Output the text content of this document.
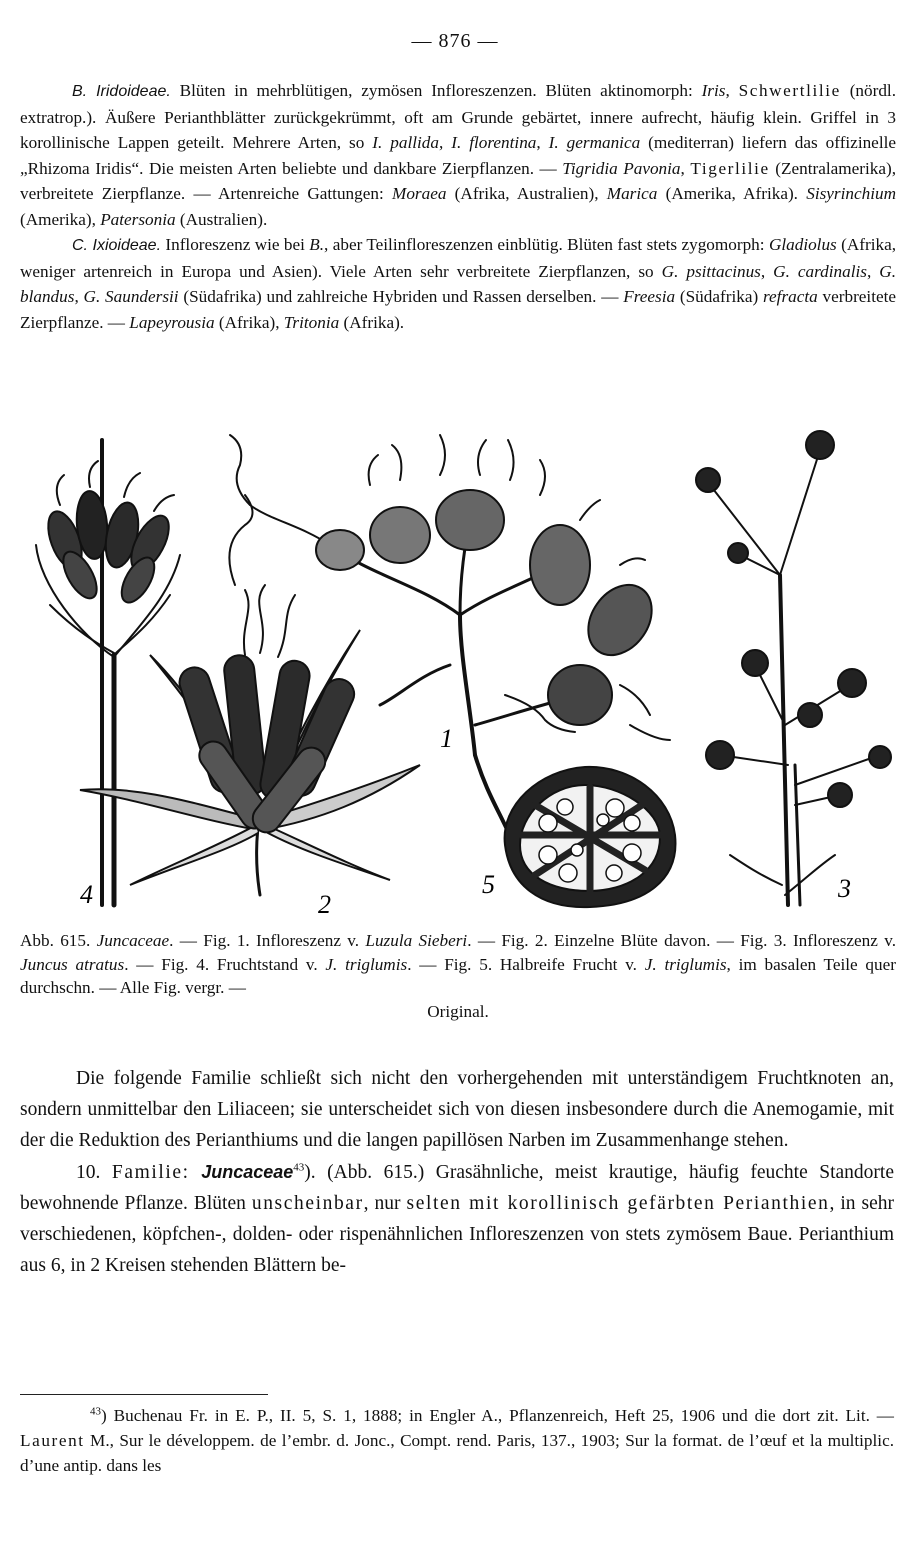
— 876 —

B. Iridoideae. Blüten in mehrblütigen, zymösen Infloreszenzen. Blüten aktinomorph: Iris, Schwertlilie (nördl. extratrop.). Äußere Perianthblätter zurückgekrümmt, oft am Grunde gebärtet, innere aufrecht, häufig klein. Griffel in 3 korollinische Lappen geteilt. Mehrere Arten, so I. pallida, I. florentina, I. germanica (mediterran) liefern das offizinelle „Rhizoma Iridis“. Die meisten Arten beliebte und dankbare Zierpflanzen. — Tigridia Pavonia, Tigerlilie (Zentralamerika), verbreitete Zierpflanze. — Artenreiche Gattungen: Moraea (Afrika, Australien), Marica (Amerika, Afrika). Sisyrinchium (Amerika), Patersonia (Australien).

C. Ixioideae. Infloreszenz wie bei B., aber Teilinfloreszenzen einblütig. Blüten fast stets zygomorph: Gladiolus (Afrika, weniger artenreich in Europa und Asien). Viele Arten sehr verbreitete Zierpflanzen, so G. psittacinus, G. cardinalis, G. blandus, G. Saundersii (Südafrika) und zahlreiche Hybriden und Rassen derselben. — Freesia (Südafrika) refracta verbreitete Zierpflanze. — Lapeyrousia (Afrika), Tritonia (Afrika).

4	2
1
5	3
Abb. 615. Juncaceae. — Fig. 1. Infloreszenz v. Luzula Sieberi. — Fig. 2. Einzelne Blüte davon. — Fig. 3. Infloreszenz v. Juncus atratus. — Fig. 4. Fruchtstand v. J. triglumis. — Fig. 5. Halbreife Frucht v. J. triglumis, im basalen Teile quer durchschn. — Alle Fig. vergr. —
Original.

Die folgende Familie schließt sich nicht den vorhergehenden mit unterständigem Fruchtknoten an, sondern unmittelbar den Liliaceen; sie unterscheidet sich von diesen insbesondere durch die Anemogamie, mit der die Reduktion des Perianthiums und die langen papillösen Narben im Zusammenhange stehen.

10. Familie: Juncaceae$^{43}$). (Abb. 615.) Grasähnliche, meist krautige, häufig feuchte Standorte bewohnende Pflanze. Blüten unscheinbar, nur selten mit korollinisch gefärbten Perianthien, in sehr verschiedenen, köpfchen-, dolden- oder rispenähnlichen Infloreszenzen von stets zymösem Baue. Perianthium aus 6, in 2 Kreisen stehenden Blättern be-

$^{43}$) Buchenau Fr. in E. P., II. 5, S. 1, 1888; in Engler A., Pflanzenreich, Heft 25, 1906 und die dort zit. Lit. — Laurent M., Sur le développem. de l’embr. d. Jonc., Compt. rend. Paris, 137., 1903; Sur la format. de l’œuf et la multiplic. d’une antip. dans les
